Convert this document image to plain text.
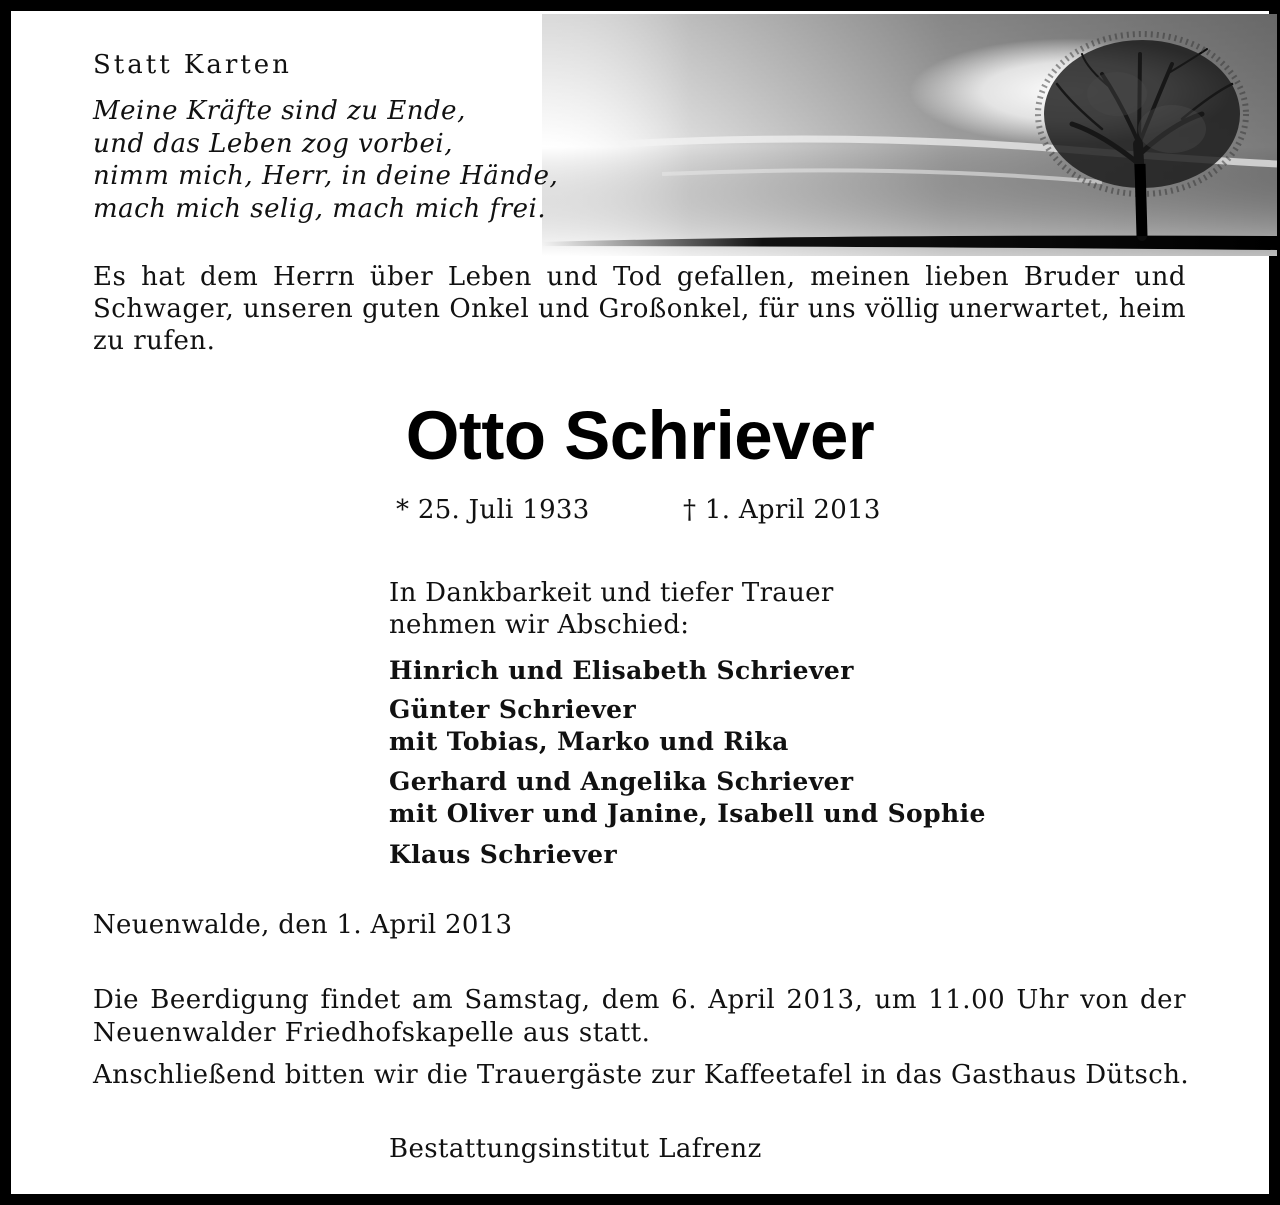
Statt Karten
Meine Kräfte sind zu Ende,
und das Leben zog vorbei,
nimm mich, Herr, in deine Hände,
mach mich selig, mach mich frei.
Es hat dem Herrn über Leben und Tod gefallen, meinen lieben Bruder und Schwager, unseren guten Onkel und Großonkel, für uns völlig unerwartet, heim zu rufen.
Otto Schriever
* 25. Juli 1933	† 1. April 2013
In Dankbarkeit und tiefer Trauer
nehmen wir Abschied:
Hinrich und Elisabeth Schriever
Günter Schriever
mit Tobias, Marko und Rika
Gerhard und Angelika Schriever
mit Oliver und Janine, Isabell und Sophie
Klaus Schriever
Neuenwalde, den 1. April 2013
Die Beerdigung findet am Samstag, dem 6. April 2013, um 11.00 Uhr von der Neuenwalder Friedhofskapelle aus statt.
Anschließend bitten wir die Trauergäste zur Kaffeetafel in das Gasthaus Dütsch.
Bestattungsinstitut Lafrenz
